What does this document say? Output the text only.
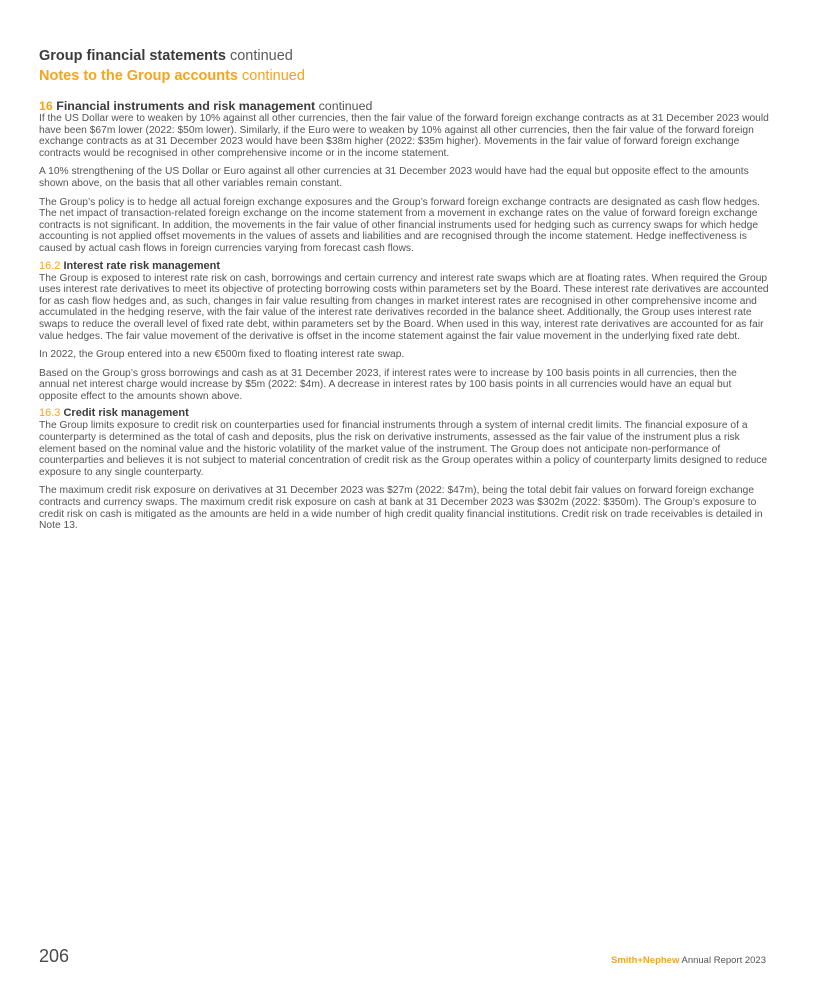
Group financial statements continued
Notes to the Group accounts continued
16 Financial instruments and risk management continued

If the US Dollar were to weaken by 10% against all other currencies, then the fair value of the forward foreign exchange contracts as at 31 December 2023 would have been $67m lower (2022: $50m lower). Similarly, if the Euro were to weaken by 10% against all other currencies, then the fair value of the forward foreign exchange contracts as at 31 December 2023 would have been $38m higher (2022: $35m higher). Movements in the fair value of forward foreign exchange contracts would be recognised in other comprehensive income or in the income statement.

A 10% strengthening of the US Dollar or Euro against all other currencies at 31 December 2023 would have had the equal but opposite effect to the amounts shown above, on the basis that all other variables remain constant.

The Group’s policy is to hedge all actual foreign exchange exposures and the Group’s forward foreign exchange contracts are designated as cash flow hedges. The net impact of transaction-related foreign exchange on the income statement from a movement in exchange rates on the value of forward foreign exchange contracts is not significant. In addition, the movements in the fair value of other financial instruments used for hedging such as currency swaps for which hedge accounting is not applied offset movements in the values of assets and liabilities and are recognised through the income statement. Hedge ineffectiveness is caused by actual cash flows in foreign currencies varying from forecast cash flows.

16.2 Interest rate risk management

The Group is exposed to interest rate risk on cash, borrowings and certain currency and interest rate swaps which are at floating rates. When required the Group uses interest rate derivatives to meet its objective of protecting borrowing costs within parameters set by the Board. These interest rate derivatives are accounted for as cash flow hedges and, as such, changes in fair value resulting from changes in market interest rates are recognised in other comprehensive income and accumulated in the hedging reserve, with the fair value of the interest rate derivatives recorded in the balance sheet. Additionally, the Group uses interest rate swaps to reduce the overall level of fixed rate debt, within parameters set by the Board. When used in this way, interest rate derivatives are accounted for as fair value hedges. The fair value movement of the derivative is offset in the income statement against the fair value movement in the underlying fixed rate debt.

In 2022, the Group entered into a new €500m fixed to floating interest rate swap.

Based on the Group’s gross borrowings and cash as at 31 December 2023, if interest rates were to increase by 100 basis points in all currencies, then the annual net interest charge would increase by $5m (2022: $4m). A decrease in interest rates by 100 basis points in all currencies would have an equal but opposite effect to the amounts shown above.

16.3 Credit risk management

The Group limits exposure to credit risk on counterparties used for financial instruments through a system of internal credit limits. The financial exposure of a counterparty is determined as the total of cash and deposits, plus the risk on derivative instruments, assessed as the fair value of the instrument plus a risk element based on the nominal value and the historic volatility of the market value of the instrument. The Group does not anticipate non-performance of counterparties and believes it is not subject to material concentration of credit risk as the Group operates within a policy of counterparty limits designed to reduce exposure to any single counterparty.

The maximum credit risk exposure on derivatives at 31 December 2023 was $27m (2022: $47m), being the total debit fair values on forward foreign exchange contracts and currency swaps. The maximum credit risk exposure on cash at bank at 31 December 2023 was $302m (2022: $350m). The Group’s exposure to credit risk on cash is mitigated as the amounts are held in a wide number of high credit quality financial institutions. Credit risk on trade receivables is detailed in Note 13.

206	Smith+Nephew Annual Report 2023
